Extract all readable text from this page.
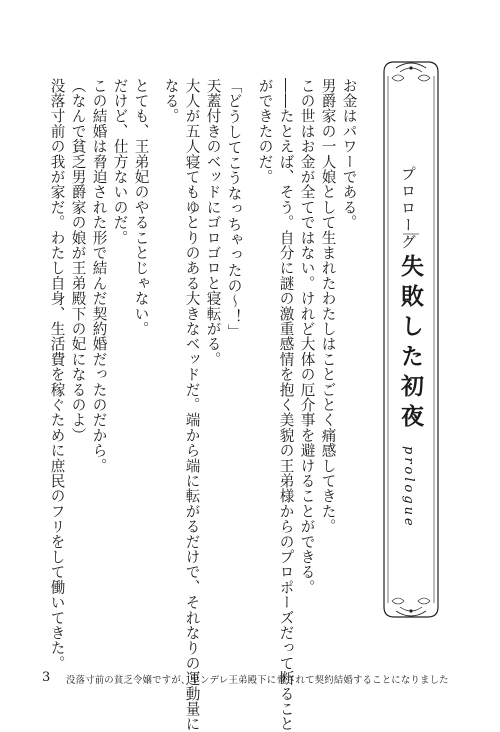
プロローグ
失敗した初夜
prologue
お金はパワーである。
男爵家の一人娘として生まれたわたしはことごとく痛感してきた。
この世はお金が全てではない。けれど大体の厄介事を避けることができる。
――たとえば、そう。自分に謎の激重感情を抱く美貌の王弟様からのプロポーズだって断ること
ができたのだ。
「どうしてこうなっちゃったの〜！」
天蓋付きのベッドにゴロゴロと寝転がる。
大人が五人寝てもゆとりのある大きなベッドだ。端から端に転がるだけで、それなりの運動量に
なる。
とても、王弟妃のやることじゃない。
だけど、仕方ないのだ。
この結婚は脅迫された形で結んだ契約婚だったのだから。
（なんで貧乏男爵家の娘が王弟殿下の妃になるのよ）
没落寸前の我が家だ。わたし自身、生活費を稼ぐために庶民のフリをして働いてきた。
3 没落寸前の貧乏令嬢ですが、ヤンデレ王弟殿下に脅されて契約結婚することになりました
